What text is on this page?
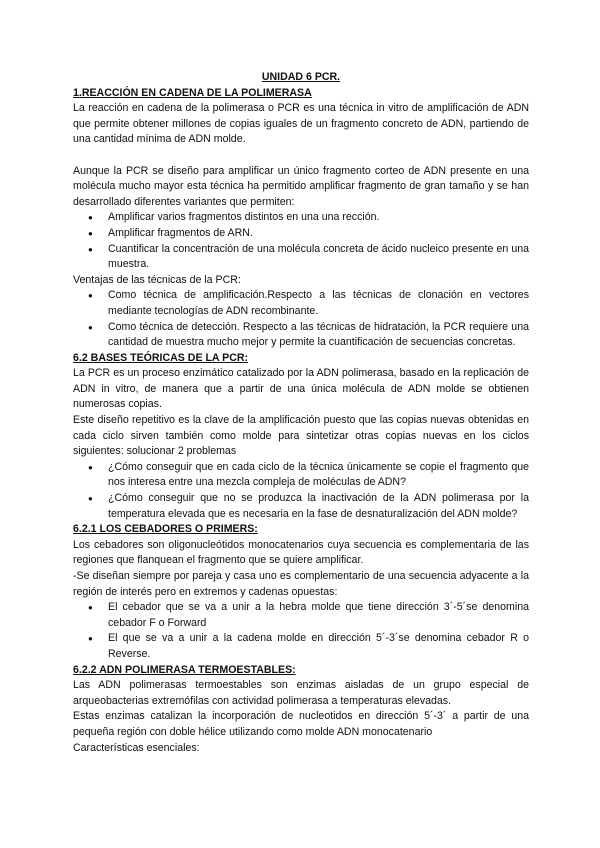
UNIDAD 6 PCR.
1.REACCIÓN EN CADENA DE LA POLIMERASA

La reacción en cadena de la polimerasa o PCR es una técnica in vitro de amplificación de ADN que permite obtener millones de copias iguales de un fragmento concreto de ADN, partiendo de una cantidad mínima de ADN molde.

Aunque la PCR se diseño para amplificar un único fragmento corteo de ADN presente en una molécula mucho mayor esta técnica ha permitido amplificar fragmento de gran tamaño y se han desarrollado diferentes variantes que permiten:

● Amplificar varios fragmentos distintos en una una rección.
● Amplificar fragmentos de ARN.
● Cuantificar la concentración de una molécula concreta de ácido nucleico presente en una muestra.

Ventajas de las técnicas de la PCR:

● Como técnica de amplificación.Respecto a las técnicas de clonación en vectores mediante tecnologías de ADN recombinante.
● Como técnica de detección. Respecto a las técnicas de hidratación, la PCR requiere una cantidad de muestra mucho mejor y permite la cuantificación de secuencias concretas.
6.2 BASES TEÓRICAS DE LA PCR:

La PCR es un proceso enzimático catalizado por la ADN polimerasa, basado en la replicación de ADN in vitro, de manera que a partir de una única molécula de ADN molde se obtienen numerosas copias.

Este diseño repetitivo es la clave de la amplificación puesto que las copias nuevas obtenidas en cada ciclo sirven también como molde para sintetizar otras copias nuevas en los ciclos siguientes: solucionar 2 problemas

● ¿Cómo conseguir que en cada ciclo de la técnica únicamente se copie el fragmento que nos interesa entre una mezcla compleja de moléculas de ADN?
● ¿Cómo conseguir que no se produzca la inactivación de la ADN polimerasa por la temperatura elevada que es necesaria en la fase de desnaturalización del ADN molde?
6.2.1 LOS CEBADORES O PRIMERS:

Los cebadores son oligonucleótidos monocatenarios cuya secuencia es complementaria de las regiones que flanquean el fragmento que se quiere amplificar.

-Se diseñan siempre por pareja y casa uno es complementario de una secuencia adyacente a la región de interés pero en extremos y cadenas opuestas:

● El cebador que se va a unir a la hebra molde que tiene dirección 3´-5´se denomina cebador F o Forward
● El que se va a unir a la cadena molde en dirección 5´-3´se denomina cebador R o Reverse.
6.2.2 ADN POLIMERASA TERMOESTABLES:

Las ADN polimerasas termoestables son enzimas aisladas de un grupo especial de arqueobacterias extremófilas con actividad polimerasa a temperaturas elevadas.

Estas enzimas catalizan la incorporación de nucleotidos en dirección 5´-3´ a partir de una pequeña región con doble hélice utilizando como molde ADN monocatenario

Características esenciales:
